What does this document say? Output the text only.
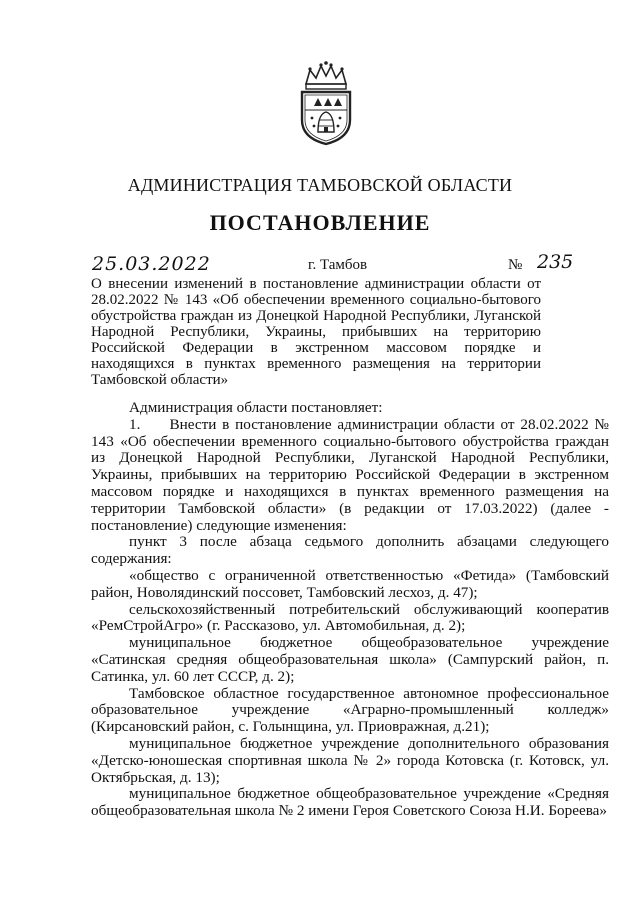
АДМИНИСТРАЦИЯ ТАМБОВСКОЙ ОБЛАСТИ
ПОСТАНОВЛЕНИЕ
25.03.2022	г. Тамбов	№ 235
О внесении изменений в постановление администрации области от 28.02.2022 № 143 «Об обеспечении временного социально-бытового обустройства граждан из Донецкой Народной Республики, Луганской Народной Республики, Украины, прибывших на территорию Российской Федерации в экстренном массовом порядке и находящихся в пунктах временного размещения на территории Тамбовской области»

Администрация области постановляет:

1.     Внести в постановление администрации области от 28.02.2022 № 143 «Об обеспечении временного социально-бытового обустройства граждан из Донецкой Народной Республики, Луганской Народной Республики, Украины, прибывших на территорию Российской Федерации в экстренном массовом порядке и находящихся в пунктах временного размещения на территории Тамбовской области» (в редакции от 17.03.2022) (далее - постановление) следующие изменения:

пункт 3 после абзаца седьмого дополнить абзацами следующего содержания:

«общество с ограниченной ответственностью «Фетида» (Тамбовский район, Новолядинский поссовет, Тамбовский лесхоз, д. 47);

сельскохозяйственный потребительский обслуживающий кооператив «РемСтройАгро» (г. Рассказово, ул. Автомобильная, д. 2);

муниципальное бюджетное общеобразовательное учреждение «Сатинская средняя общеобразовательная школа» (Сампурский район, п. Сатинка, ул. 60 лет СССР, д. 2);

Тамбовское областное государственное автономное профессиональное образовательное учреждение «Аграрно-промышленный колледж» (Кирсановский район, с. Голынщина, ул. Приовражная, д.21);

муниципальное бюджетное учреждение дополнительного образования «Детско-юношеская спортивная школа № 2» города Котовска (г. Котовск, ул. Октябрьская, д. 13);

муниципальное бюджетное общеобразовательное учреждение «Средняя общеобразовательная школа № 2 имени Героя Советского Союза Н.И. Бореева»
